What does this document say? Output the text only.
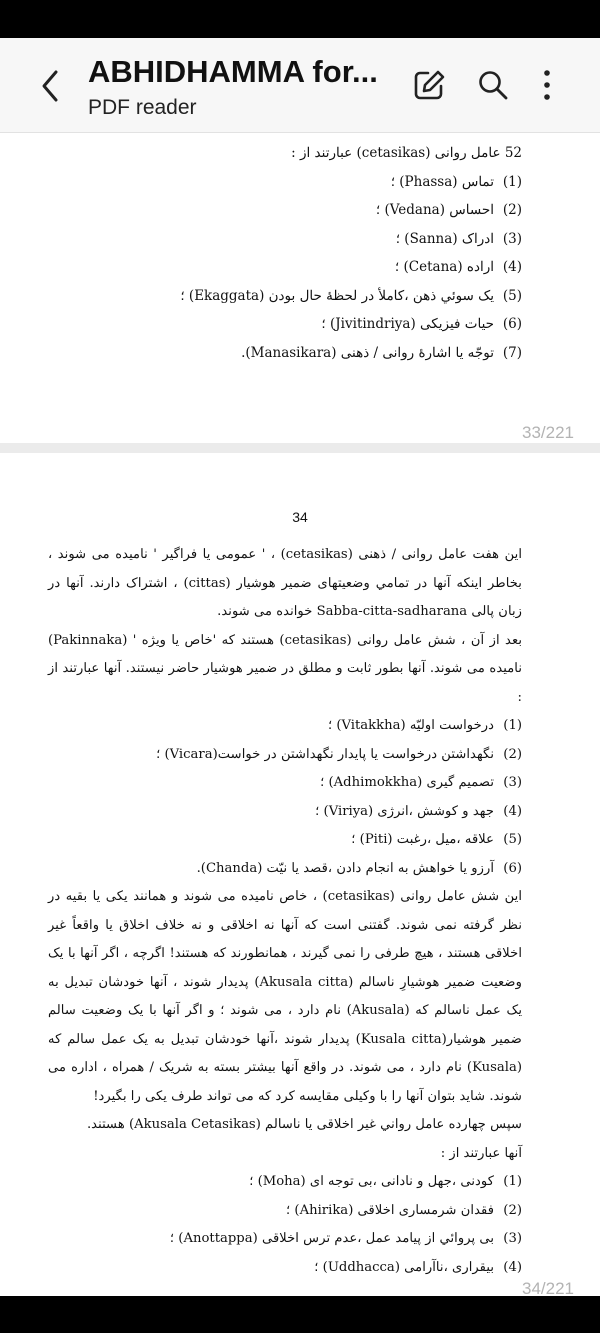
ABHIDHAMMA for...
PDF reader
52 عامل روانی (cetasikas) عبارتند از :
(1)تماس (Phassa) ؛
(2)احساس (Vedana) ؛
(3)ادراک (Sanna) ؛
(4)اراده (Cetana) ؛
(5)یک سوئي ذهن ،کاملأ در لحظهٔ حال بودن (Ekaggata) ؛
(6)حیات فیزیکی (Jivitindriya) ؛
(7)توجّه یا اشارهٔ روانی / ذهنی (Manasikara).
33/221
34

این هفت عامل روانی / ذهنی (cetasikas) ، ' عمومی یا فراگیر ' نامیده می شوند ، بخاطر اینکه آنها در تمامي وضعیتهای ضمیر هوشیار (cittas) ، اشتراک دارند. آنها در زبان پالی Sabba-citta-sadharana خوانده می شوند.

بعد از آن ، شش عامل روانی (cetasikas) هستند که 'خاص یا ویژه ' (Pakinnaka) نامیده می شوند. آنها بطور ثابت و مطلق در ضمیر هوشیار حاضر نیستند. آنها عبارتند از :

(1)درخواست اولیّه (Vitakkha) ؛
(2)نگهداشتن درخواست یا پایدار نگهداشتن در خواست(Vicara) ؛
(3)تصمیم گیری (Adhimokkha) ؛
(4)جهد و کوشش ،انرژی (Viriya) ؛
(5)علاقه ،میل ،رغبت (Piti) ؛
(6)آرزو یا خواهش به انجام دادن ،قصد یا نیّت (Chanda).

این شش عامل روانی (cetasikas) ، خاص نامیده می شوند و همانند یکی یا بقیه در نظر گرفته نمی شوند. گفتنی است که آنها نه اخلاقی و نه خلاف اخلاق یا واقعاً غیر اخلاقی هستند ، هیچ طرفی را نمی گیرند ، همانطورند که هستند! اگرچه ، اگر آنها با یک وضعیت ضمیر هوشیارِ ناسالم (Akusala citta) پدیدار شوند ، آنها خودشان تبدیل به یک عمل ناسالم که (Akusala) نام دارد ، می شوند ؛ و اگر آنها با یک وضعیت سالم ضمیر هوشیار(Kusala citta) پدیدار شوند ،آنها خودشان تبدیل به یک عمل سالم که (Kusala) نام دارد ، می شوند. در واقع آنها بیشتر بسته به شریک / همراه ، اداره می شوند. شاید بتوان آنها را با وکیلی مقایسه کرد که می تواند طرف یکی را بگیرد!

سپس چهارده عامل رواني غیر اخلاقی یا ناسالم (Akusala Cetasikas) هستند.

آنها عبارتند از :

(1)کودنی ،جهل و نادانی ،بی توجه ای (Moha) ؛
(2)فقدان شرمساری اخلاقی (Ahirika) ؛
(3)بی پروائي از پیامد عمل ،عدم ترس اخلاقی (Anottappa) ؛
(4)بیقراری ،ناآرامی (Uddhacca) ؛
34/221
